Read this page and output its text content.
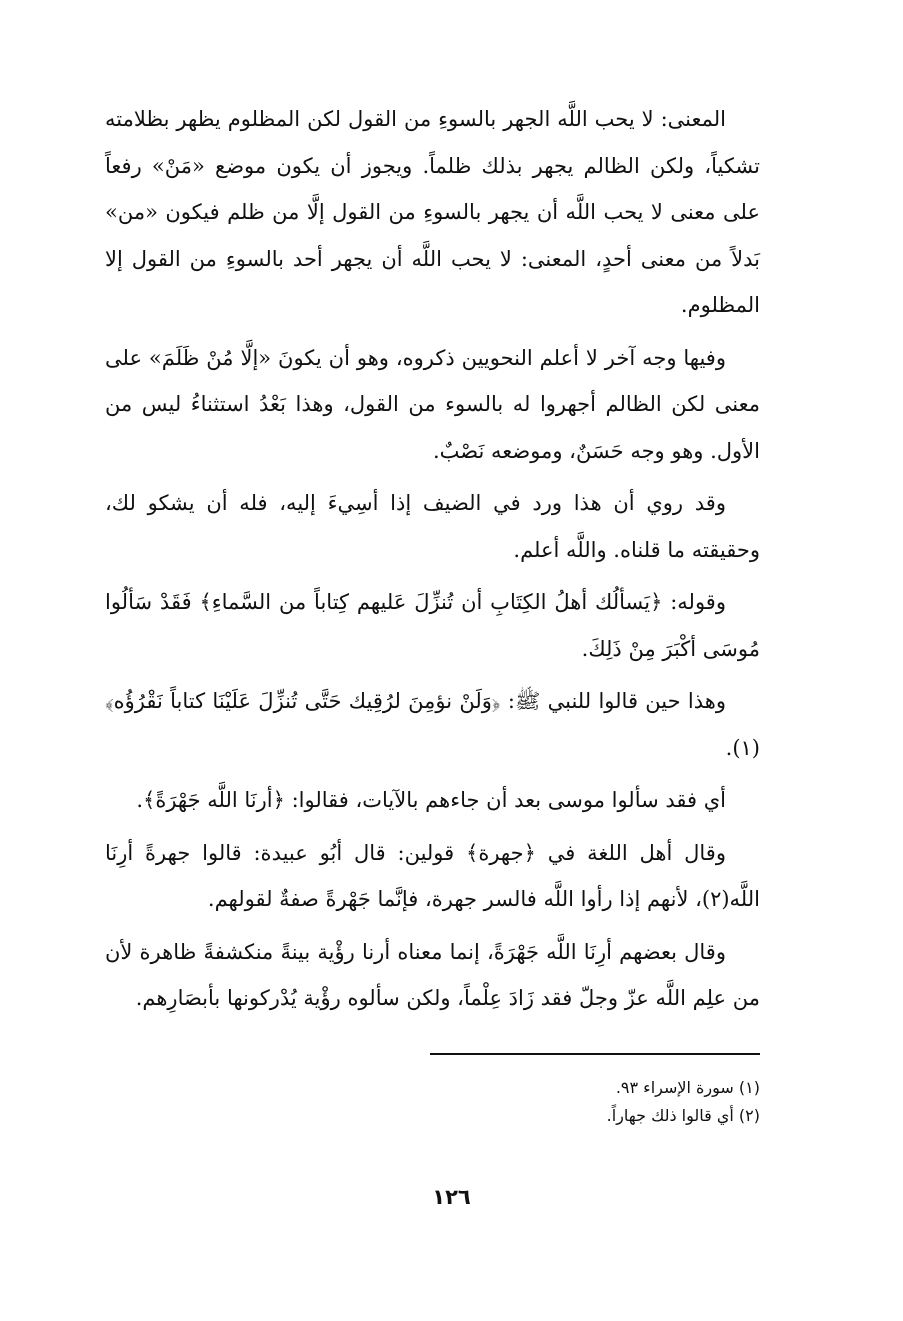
المعنى: لا يحب اللَّه الجهر بالسوءِ من القول لكن المظلوم يظهر بظلامته تشكياً، ولكن الظالم يجهر بذلك ظلماً. ويجوز أن يكون موضع «مَنْ» رفعاً على معنى لا يحب اللَّه أن يجهر بالسوءِ من القول إلَّا من ظلم فيكون «من» بَدلاً من معنى أحدٍ، المعنى: لا يحب اللَّه أن يجهر أحد بالسوءِ من القول إلا المظلوم.

وفيها وجه آخر لا أعلم النحويين ذكروه، وهو أن يكونَ «إلَّا مُنْ ظَلَمَ» على معنى لكن الظالم أجهروا له بالسوء من القول، وهذا بَعْدُ استثناءُ ليس من الأول. وهو وجه حَسَنٌ، وموضعه نَصْبٌ.

وقد روي أن هذا ورد في الضيف إذا أسِيءَ إليه، فله أن يشكو لك، وحقيقته ما قلناه. واللَّه أعلم.

وقوله: ﴿يَسألُك أهلُ الكِتَابِ أن تُنزِّلَ عَليهم كِتاباً من السَّماءِ﴾ فَقَدْ سَألُوا مُوسَى أكْبَرَ مِنْ ذَلِكَ.

وهذا حين قالوا للنبي ﷺ: ﴿وَلَنْ نؤمِنَ لرُقِيك حَتَّى تُنزِّلَ عَلَيْنَا كتاباً نَقْرُؤُه﴾(١).

أي فقد سألوا موسى بعد أن جاءهم بالآيات، فقالوا: ﴿أرنَا اللَّه جَهْرَةً﴾.

وقال أهل اللغة في ﴿جهرة﴾ قولين: قال أبُو عبيدة: قالوا جهرةً أرِنَا اللَّه(٢)، لأنهم إذا رأوا اللَّه فالسر جهرة، فإنَّما جَهْرةً صفةٌ لقولهم.

وقال بعضهم أرِنَا اللَّه جَهْرَةً، إنما معناه أرنا رؤْية بينةً منكشفةً ظاهرة لأن من علِم اللَّه عزّ وجلّ فقد زَادَ عِلْماً، ولكن سألوه رؤْية يُدْركونها بأبصَارِهم.

(١) سورة الإسراء ٩٣.

(٢) أي قالوا ذلك جهاراً.

١٢٦
